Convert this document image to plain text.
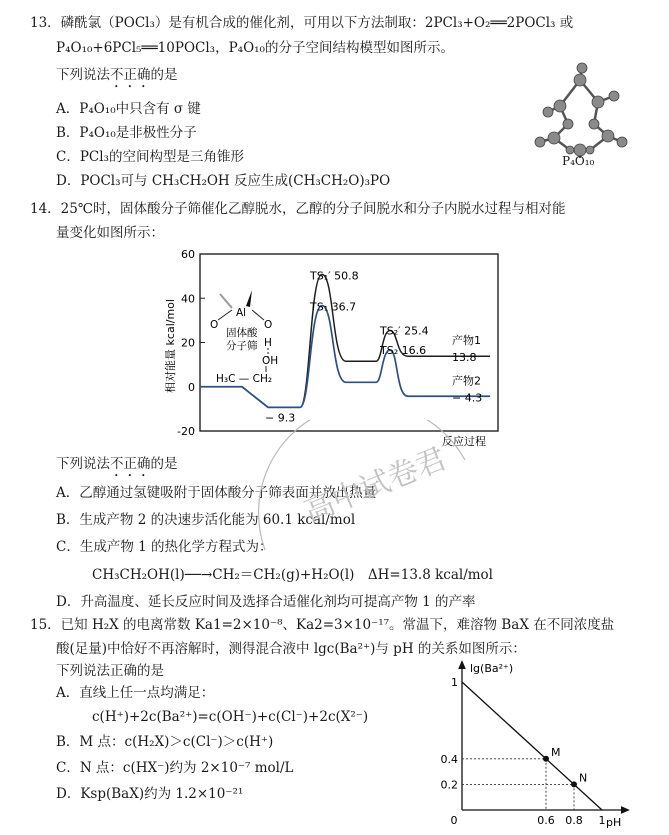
13．磷酰氯（POCl₃）是有机合成的催化剂，可用以下方法制取：2PCl₃+O₂══2POCl₃ 或
P₄O₁₀+6PCl₅══10POCl₃，P₄O₁₀的分子空间结构模型如图所示。
下列说法不正确的是
A．P₄O₁₀中只含有 σ 键
B．P₄O₁₀是非极性分子
C．PCl₃的空间构型是三角锥形
D．POCl₃可与 CH₃CH₂OH 反应生成(CH₃CH₂O)₃PO
P₄O₁₀
14．25℃时，固体酸分子筛催化乙醇脱水，乙醇的分子间脱水和分子内脱水过程与相对能
量变化如图所示：
-20
0
20
40
60
相对能量 kcal/mol
TS₁′ 50.8
TS₁ 36.7
TS₂′ 25.4
TS₂ 16.6
− 9.3
产物1
13.8
产物2
− 4.3
Al
O	O
固体酸
分子筛 H
OH
H₃C — CH₂
反应过程
下列说法不正确的是
A．乙醇通过氢键吸附于固体酸分子筛表面并放出热量
B．生成产物 2 的决速步活化能为 60.1 kcal/mol
C．生成产物 1 的热化学方程式为：
CH₃CH₂OH(l)──→CH₂＝CH₂(g)+H₂O(l)　ΔH=13.8 kcal/mol
D．升高温度、延长反应时间及选择合适催化剂均可提高产物 1 的产率
高中试卷君
15．已知 H₂X 的电离常数 Ka1=2×10⁻⁸、Ka2=3×10⁻¹⁷。常温下，难溶物 BaX 在不同浓度盐
酸(足量)中恰好不再溶解时，测得混合液中 lgc(Ba²⁺)与 pH 的关系如图所示：
下列说法正确的是
A．直线上任一点均满足：
c(H⁺)+2c(Ba²⁺)=c(OH⁻)+c(Cl⁻)+2c(X²⁻)
B．M 点：c(H₂X)＞c(Cl⁻)＞c(H⁺)
C．N 点：c(HX⁻)约为 2×10⁻⁷ mol/L
D．Ksp(BaX)约为 1.2×10⁻²¹
lg(Ba²⁺)
pH
M
N
1
0.4
0.2
0	0.6 0.8 1
